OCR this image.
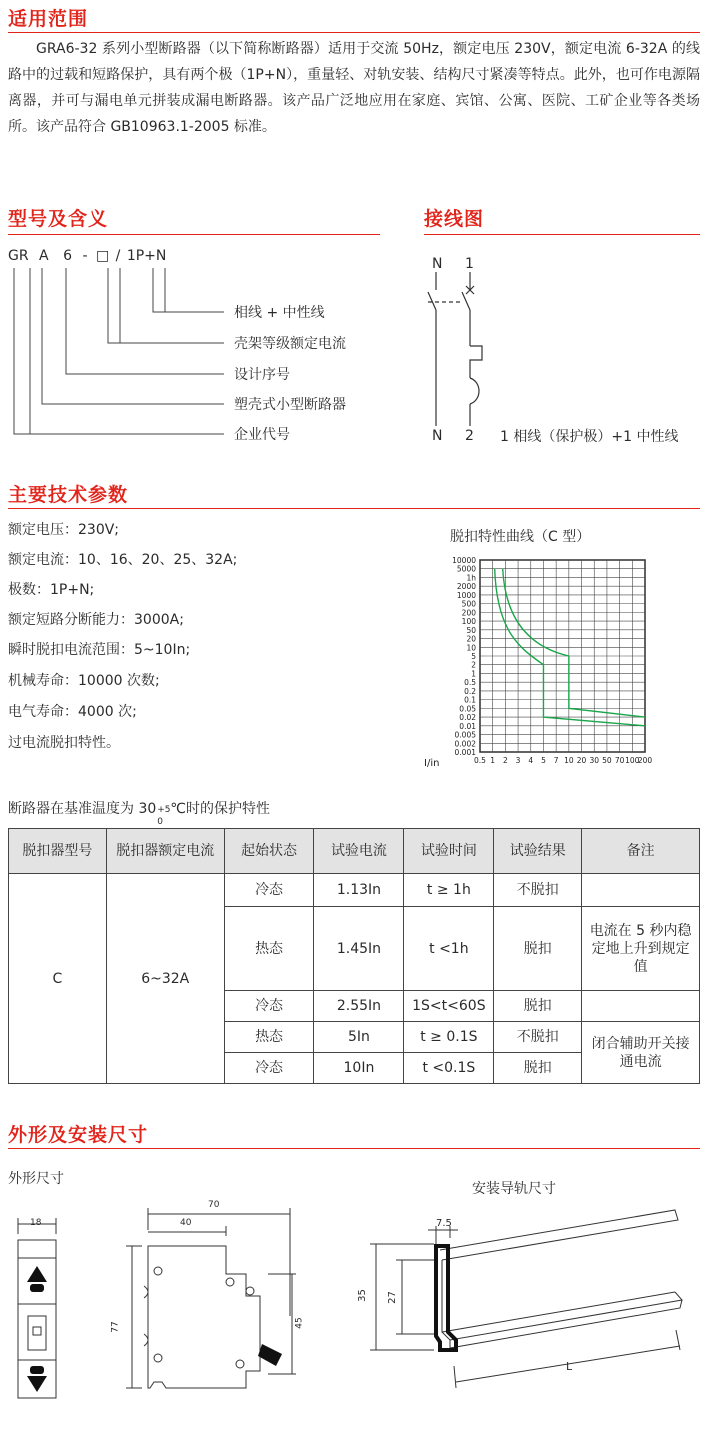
适用范围
GRA6-32 系列小型断路器（以下简称断路器）适用于交流 50Hz，额定电压 230V，额定电流 6-32A 的线路中的过载和短路保护，具有两个极（1P+N），重量轻、对轨安装、结构尺寸紧凑等特点。此外，也可作电源隔离器，并可与漏电单元拼装成漏电断路器。该产品广泛地应用在家庭、宾馆、公寓、医院、工矿企业等各类场所。该产品符合 GB10963.1-2005 标准。
型号及含义
GR A 6 - □ / 1P+N
相线 + 中性线
壳架等级额定电流
设计序号
塑壳式小型断路器
企业代号
接线图
N 1
N 2 1 相线（保护极）+1 中性线
主要技术参数
额定电压：230V;
额定电流：10、16、20、25、32A;
极数：1P+N;
额定短路分断能力：3000A;
瞬时脱扣电流范围：5~10In;
机械寿命：10000 次数;
电气寿命：4000 次;
过电流脱扣特性。
脱扣特性曲线（C 型）
10000
5000
1h
2000
1000
500
200
100
50
20
10
5
2
1
0.5
0.2
0.1
0.05
0.02
0.01
0.005
0.002
0.001
0.5 1 2 3 4 5 7 10 20 30 50 70 100
200
I/in
断路器在基准温度为 30 +5
0
℃时的保护特性
脱扣器型号	脱扣器额定电流	起始状态	试验电流	试验时间	试验结果	备注
C	6~32A	冷态	1.13In	t ≥ 1h	不脱扣	
		热态	1.45In	t <1h	脱扣	电流在 5 秒内稳定地上升到规定值
		冷态	2.55In	1S<t<60S	脱扣	
		热态	5In	t ≥ 0.1S	不脱扣	闭合辅助开关接通电流
		冷态	10In	t <0.1S	脱扣	
外形及安装尺寸
外形尺寸
安装导轨尺寸
18
70
40
77	45
7.5
35 27
L
